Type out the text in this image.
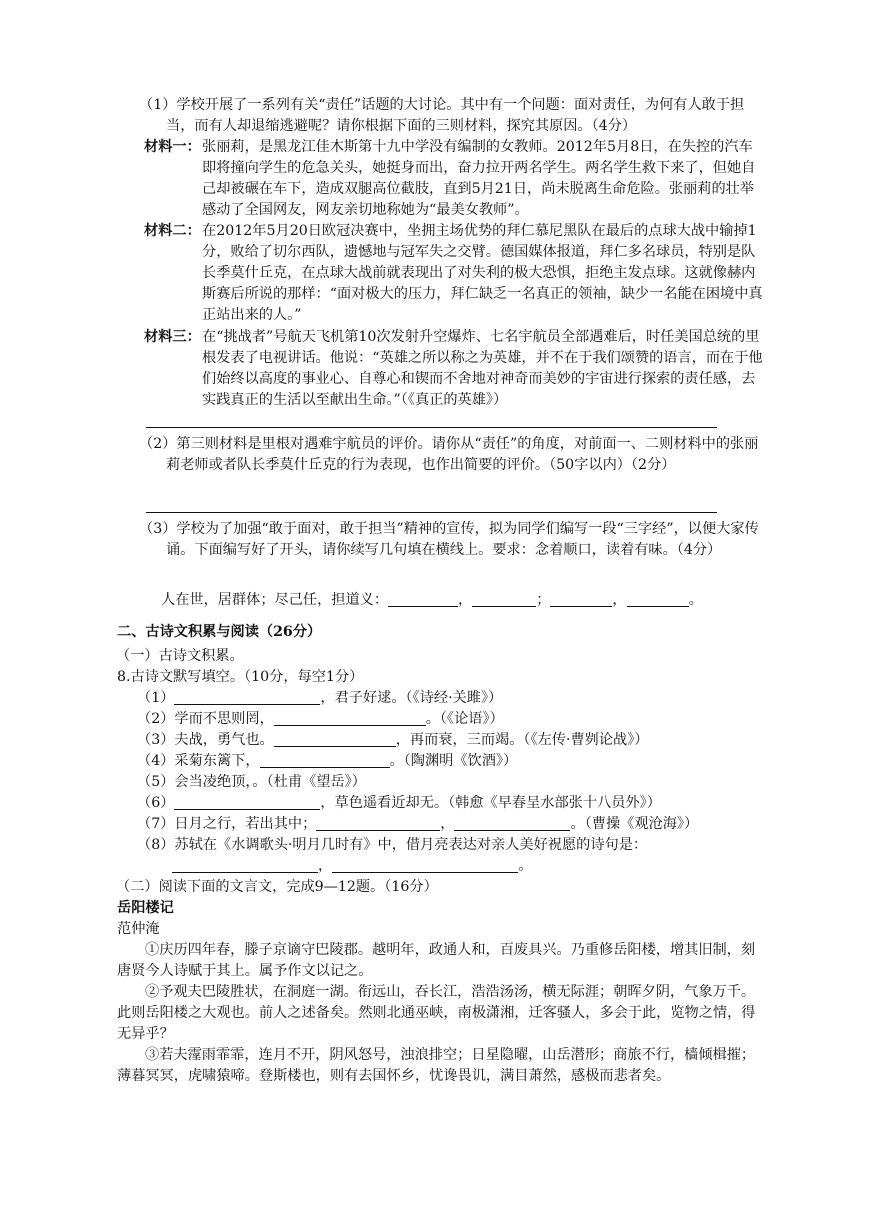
（1）学校开展了一系列有关“责任”话题的大讨论。其中有一个问题：面对责任，为何有人敢于担当，而有人却退缩逃避呢？请你根据下面的三则材料，探究其原因。（4分）

材料一： 张丽莉，是黑龙江佳木斯第十九中学没有编制的女教师。2012年5月8日，在失控的汽车即将撞向学生的危急关头，她挺身而出，奋力拉开两名学生。两名学生救下来了，但她自己却被碾在车下，造成双腿高位截肢，直到5月21日，尚未脱离生命危险。张丽莉的壮举感动了全国网友，网友亲切地称她为“最美女教师”。
材料二： 在2012年5月20日欧冠决赛中，坐拥主场优势的拜仁慕尼黑队在最后的点球大战中输掉1分，败给了切尔西队，遗憾地与冠军失之交臂。德国媒体报道，拜仁多名球员，特别是队长季莫什丘克，在点球大战前就表现出了对失利的极大恐惧，拒绝主发点球。这就像赫内斯赛后所说的那样：“面对极大的压力，拜仁缺乏一名真正的领袖，缺少一名能在困境中真正站出来的人。”
材料三： 在“挑战者”号航天飞机第10次发射升空爆炸、七名宇航员全部遇难后，时任美国总统的里根发表了电视讲话。他说：“英雄之所以称之为英雄，并不在于我们颂赞的语言，而在于他们始终以高度的事业心、自尊心和锲而不舍地对神奇而美妙的宇宙进行探索的责任感，去实践真正的生活以至献出生命。”（《真正的英雄》）

（2）第三则材料是里根对遇难宇航员的评价。请你从“责任”的角度，对前面一、二则材料中的张丽莉老师或者队长季莫什丘克的行为表现，也作出简要的评价。（50字以内）（2分）

（3）学校为了加强“敢于面对，敢于担当”精神的宣传，拟为同学们编写一段“三字经”，以便大家传诵。下面编写好了开头，请你续写几句填在横线上。要求：念着顺口，读着有味。（4分）

人在世，居群体；尽己任，担道义：	，	；	，	。

二、古诗文积累与阅读（26分）

（一）古诗文积累。

8.古诗文默写填空。（10分，每空1分）

（1）	，君子好逑。（《诗经·关雎》）

（2）学而不思则罔，	。（《论语》）

（3）夫战，勇气也。	，再而衰，三而竭。（《左传·曹刿论战》）

（4）采菊东篱下，	。（陶渊明《饮酒》）

（5）会当凌绝顶，。（杜甫《望岳》）

（6）	，草色遥看近却无。（韩愈《早春呈水部张十八员外》）

（7）日月之行，若出其中；	，	。（曹操《观沧海》）

（8）苏轼在《水调歌头·明月几时有》中，借月亮表达对亲人美好祝愿的诗句是：

，	。

（二）阅读下面的文言文，完成9—12题。（16分）

岳阳楼记

范仲淹

①庆历四年春，滕子京谪守巴陵郡。越明年，政通人和，百废具兴。乃重修岳阳楼，增其旧制，刻唐贤今人诗赋于其上。属予作文以记之。

②予观夫巴陵胜状，在洞庭一湖。衔远山，吞长江，浩浩汤汤，横无际涯；朝晖夕阴，气象万千。此则岳阳楼之大观也。前人之述备矣。然则北通巫峡，南极潇湘，迁客骚人，多会于此，览物之情，得无异乎？

③若夫霪雨霏霏，连月不开，阴风怒号，浊浪排空；日星隐曜，山岳潜形；商旅不行，樯倾楫摧；薄暮冥冥，虎啸猿啼。登斯楼也，则有去国怀乡，忧谗畏讥，满目萧然，感极而悲者矣。
